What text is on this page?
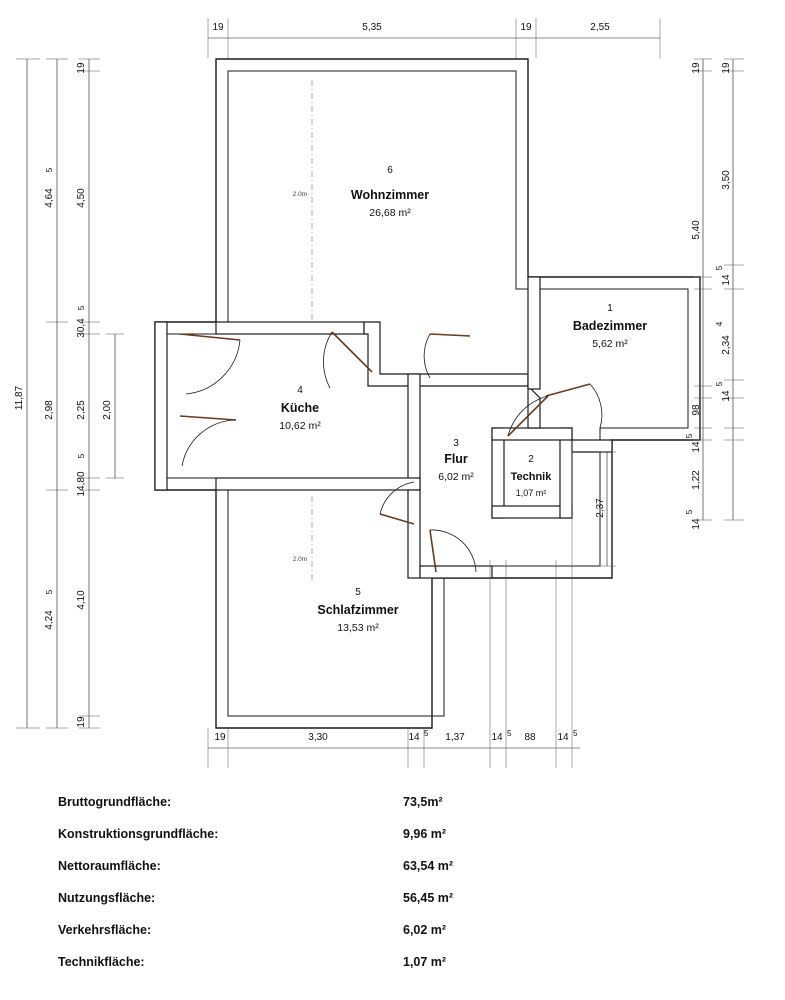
6
Wohnzimmer
26,68 m²
2.0m
4
Küche
10,62 m²
1
Badezimmer
5,62 m²
3
Flur
6,02 m²
2
Technik
1,07 m²
5
Schlafzimmer
13,53 m²
2.0m
19	5,35	19	2,55
19	3,30	14 5 1,37	14 5 88 14 5
11,87
4,64
5
2,98
4,24
5
19
4,50
30,4
5
2,25 2,00
14,80
5
4,10
19
19
5,40
98
1,22
2,37
19
3,50
14
5
2,34
4
14
5
14
5
14
5
Bruttogrundfläche:	73,5m²
Konstruktionsgrundfläche:	9,96 m²
Nettoraumfläche:	63,54 m²
Nutzungsfläche:	56,45 m²
Verkehrsfläche:	6,02 m²
Technikfläche:	1,07 m²
